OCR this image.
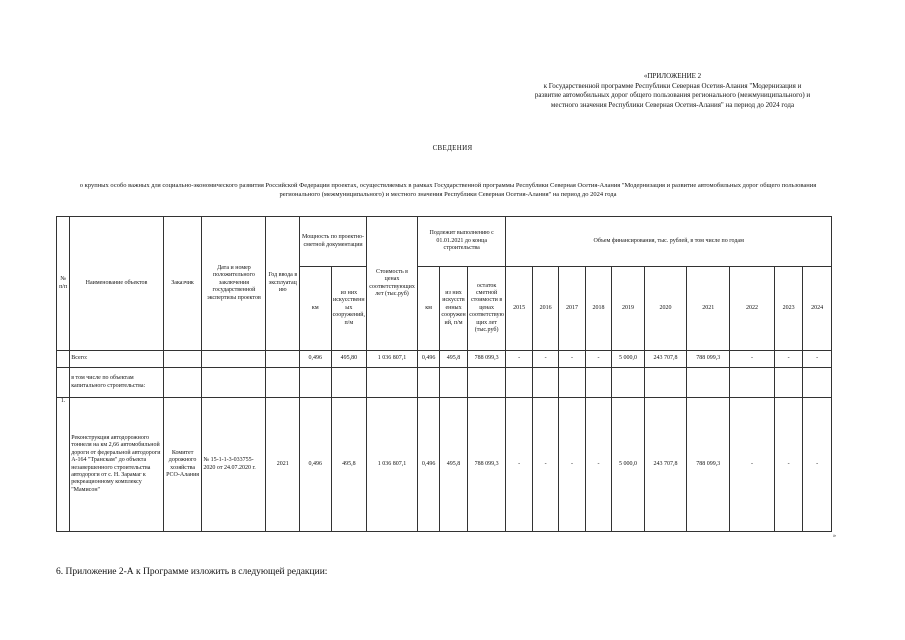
«ПРИЛОЖЕНИЕ 2
к Государственной программе Республики Северная Осетия-Алания "Модернизация и
развитие автомобильных дорог общего пользования регионального (межмуниципального) и
местного значения Республики Северная Осетия-Алания" на период до 2024 года
СВЕДЕНИЯ
о крупных особо важных для социально-экономического развития Российской Федерации проектах, осуществляемых в рамках Государственной программы Республики Северная Осетия-Алания "Модернизация и развитие автомобильных дорог общего пользования регионального (межмуниципального) и местного значения Республики Северная Осетия-Алания" на период до 2024 года
№ п/п	Наименование объектов	Заказчик	Дата и номер положительного заключения государственной экспертизы проектов	Год ввода в эксплуатацию	Мощность по проектно-сметной документации		Стоимость в ценах соответствующих лет (тыс.руб)	Подлежит выполнению с 01.01.2021 до конца строительства			Объем финансирования, тыс. рублей, в том числе по годам									
					км	из них искусственных сооружений, п/м		км	из них искусственных сооружений, п/м	остаток сметной стоимости в ценах соответствующих лет (тыс.руб)	2015	2016	2017	2018	2019	2020	2021	2022	2023	2024
	Всего:				0,496	495,80	1 036 807,1	0,496	495,8	788 099,3	-	-	-	-	5 000,0	243 707,8	788 099,3	-	-	-
	в том числе по объектам капитального строительства:																			
1.	Реконструкция автодорожного тоннеля на км 2,66 автомобильной дороги от федеральной автодороги А-164 "Транскам" до объекта незавершенного строительства автодороги от с. Н. Зарамаг к рекреационному комплексу "Мамисон"	Комитет дорожного хозяйства РСО-Алания	№ 15-1-1-3-033755-2020 от 24.07.2020 г.	2021	0,496	495,8	1 036 807,1	0,496	495,8	788 099,3	-	-	-	-	5 000,0	243 707,8	788 099,3	-	-	-
»
6. Приложение 2-А к Программе изложить в следующей редакции:
